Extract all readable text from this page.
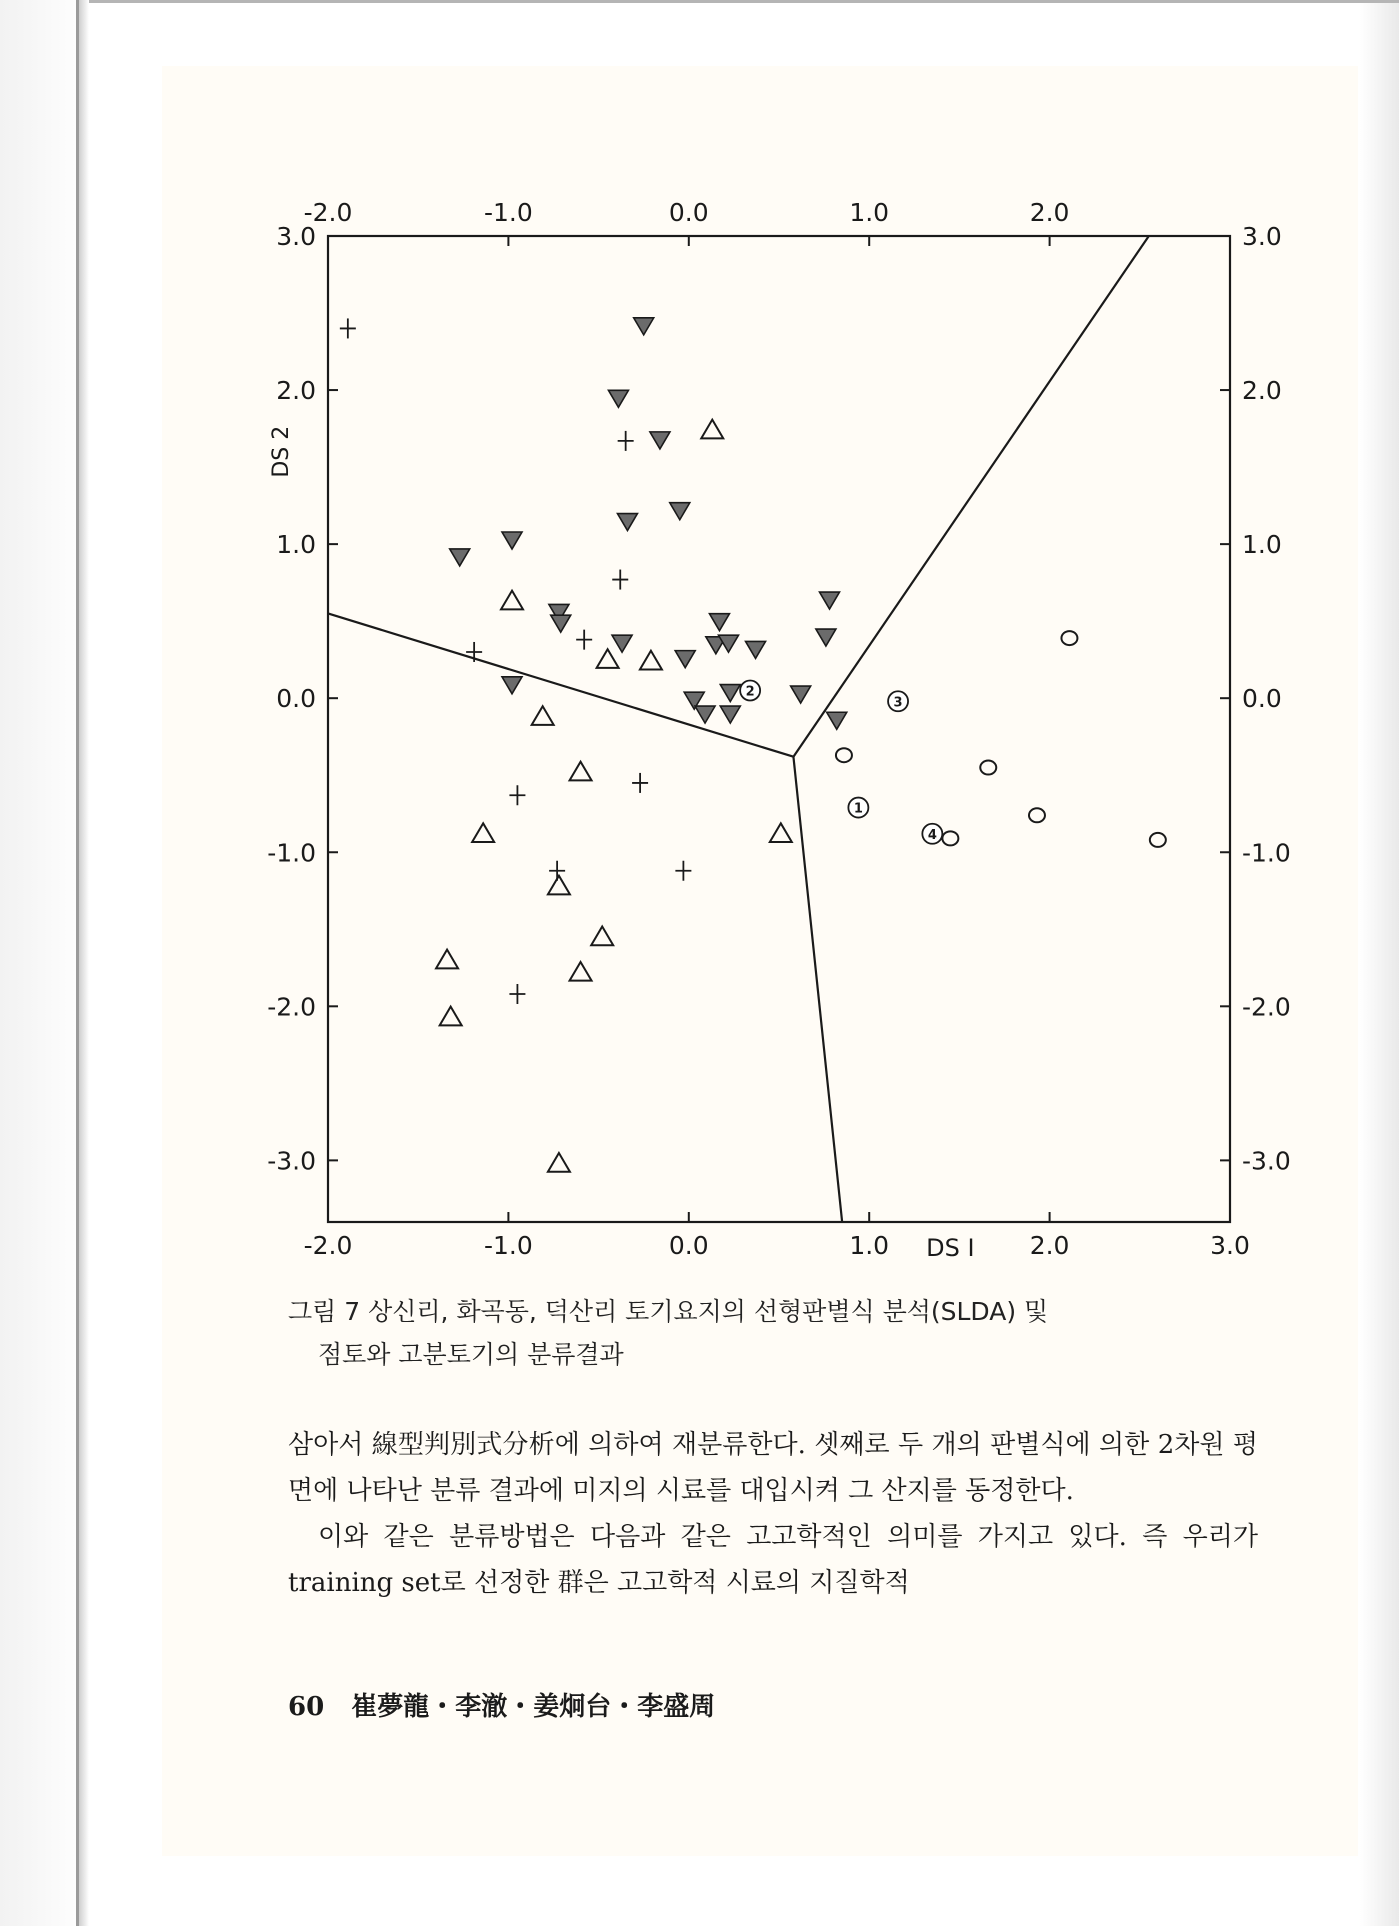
-2.0	-1.0	0.0	1.0	2.0	3.0
-2.0	-1.0	0.0	1.0	2.0
3.0
2.0
1.0
0.0
-1.0
-2.0
-3.0
3.0
2.0
1.0
0.0
-1.0
-2.0
-3.0
1
2
3
4
DS I
DS 2
그림 7 상신리, 화곡동, 덕산리 토기요지의 선형판별식 분석(SLDA) 및
점토와 고분토기의 분류결과

삼아서 線型判別式分析에 의하여 재분류한다. 셋째로 두 개의 판별식에 의한 2차원 평면에 나타난 분류 결과에 미지의 시료를 대입시켜 그 산지를 동정한다.

이와 같은 분류방법은 다음과 같은 고고학적인 의미를 가지고 있다. 즉 우리가 training set로 선정한 群은 고고학적 시료의 지질학적

60 崔夢龍・李澈・姜炯台・李盛周
